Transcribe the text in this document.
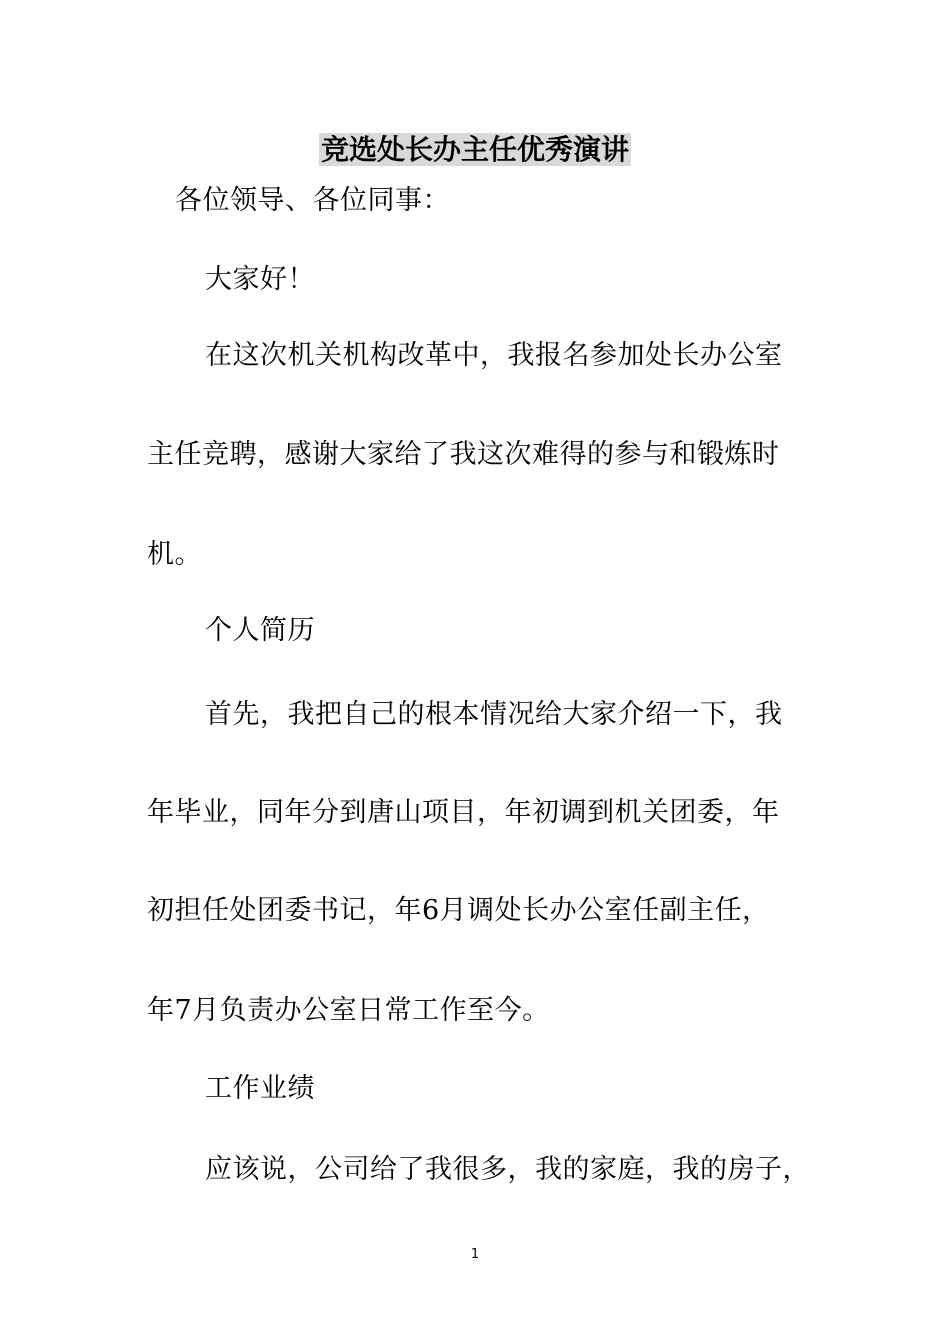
竞选处长办主任优秀演讲
各位领导、各位同事：
大家好！
在这次机关机构改革中，我报名参加处长办公室
主任竞聘，感谢大家给了我这次难得的参与和锻炼时
机。
个人简历
首先，我把自己的根本情况给大家介绍一下，我
年毕业，同年分到唐山项目，年初调到机关团委，年
初担任处团委书记，年6月调处长办公室任副主任，
年7月负责办公室日常工作至今。
工作业绩
应该说，公司给了我很多，我的家庭，我的房子，
1
